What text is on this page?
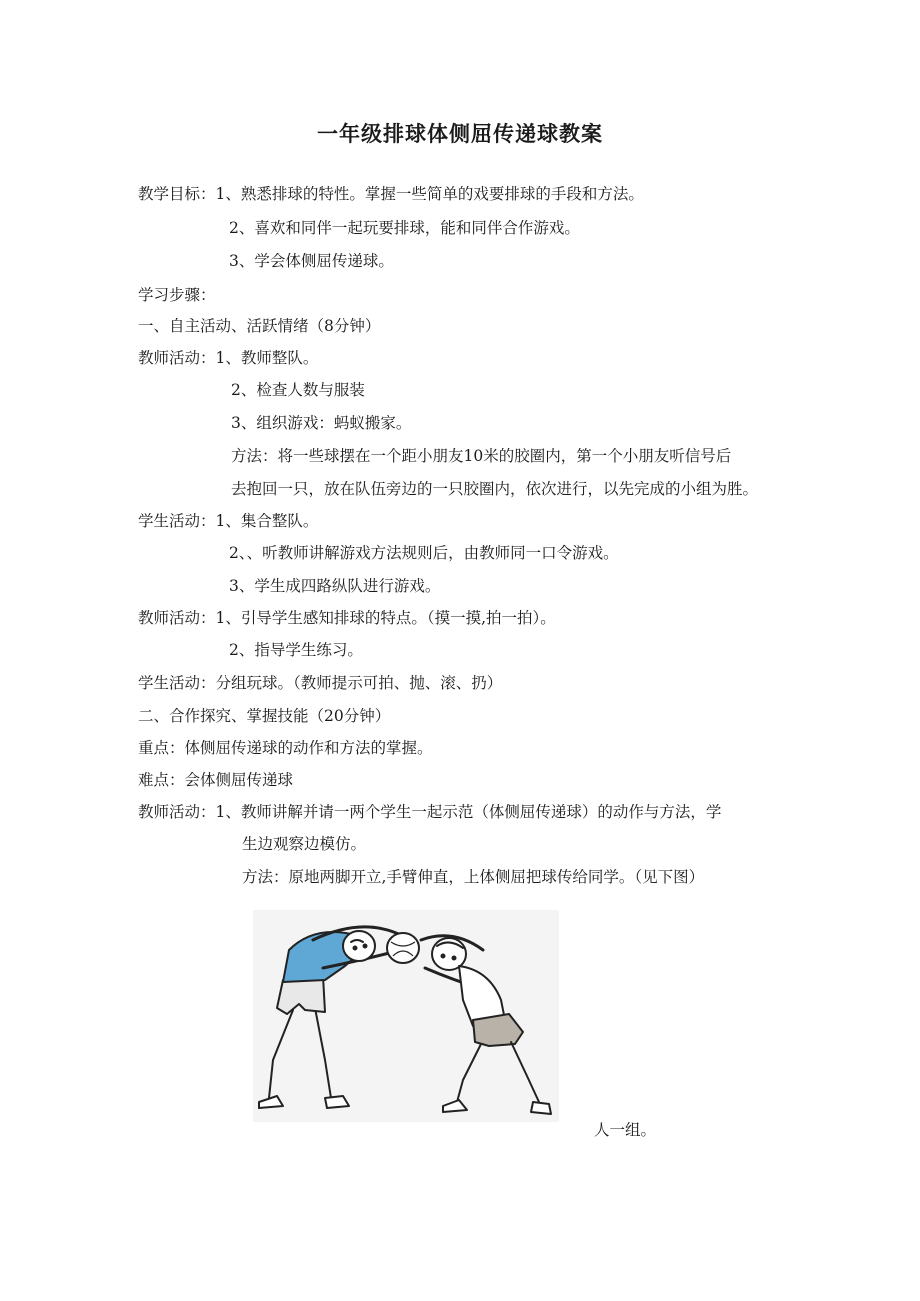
一年级排球体侧屈传递球教案
教学目标：1、熟悉排球的特性。掌握一些简单的戏要排球的手段和方法。
2、喜欢和同伴一起玩要排球，能和同伴合作游戏。
3、学会体侧屈传递球。
学习步骤：
一、自主活动、活跃情绪（8分钟）
教师活动：1、教师整队。
2、检查人数与服装
3、组织游戏：蚂蚁搬家。
方法：将一些球摆在一个距小朋友10米的胶圈内，第一个小朋友听信号后
去抱回一只，放在队伍旁边的一只胶圈内，依次进行，以先完成的小组为胜。
学生活动：1、集合整队。
2、、听教师讲解游戏方法规则后，由教师同一口令游戏。
3、学生成四路纵队进行游戏。
教师活动：1、引导学生感知排球的特点。（摸一摸,拍一拍）。
2、指导学生练习。
学生活动：分组玩球。（教师提示可拍、抛、滚、扔）
二、合作探究、掌握技能（20分钟）
重点：体侧屈传递球的动作和方法的掌握。
难点：会体侧屈传递球
教师活动：1、教师讲解并请一两个学生一起示范（体侧屈传递球）的动作与方法，学
生边观察边模仿。
方法：原地两脚开立,手臂伸直，上体侧屈把球传给同学。（见下图）
人一组。
